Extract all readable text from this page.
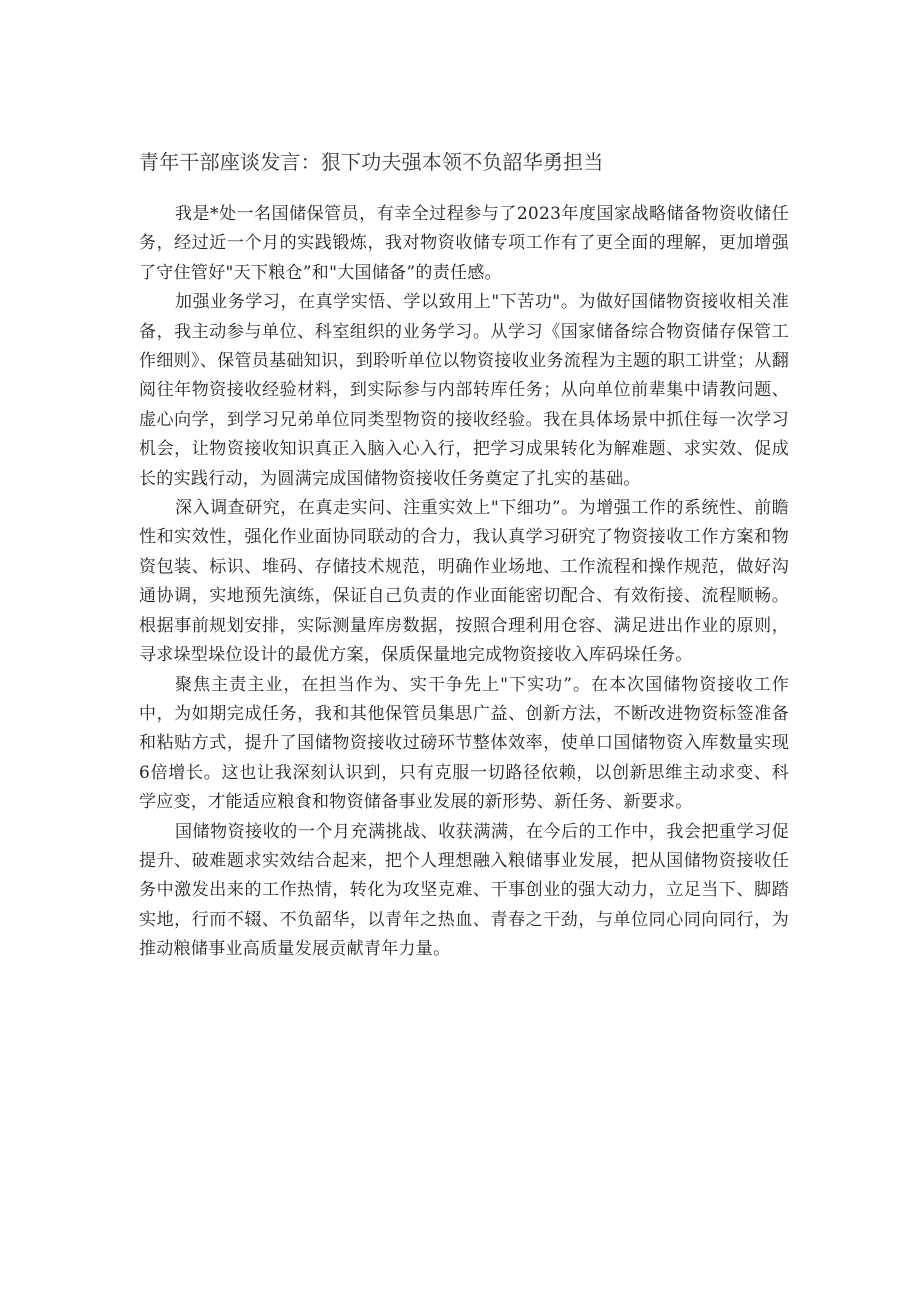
青年干部座谈发言：狠下功夫强本领不负韶华勇担当

我是*处一名国储保管员，有幸全过程参与了2023年度国家战略储备物资收储任务，经过近一个月的实践锻炼，我对物资收储专项工作有了更全面的理解，更加增强了守住管好"天下粮仓”和"大国储备”的责任感。

加强业务学习，在真学实悟、学以致用上"下苦功"。为做好国储物资接收相关准备，我主动参与单位、科室组织的业务学习。从学习《国家储备综合物资储存保管工作细则》、保管员基础知识，到聆听单位以物资接收业务流程为主题的职工讲堂；从翻阅往年物资接收经验材料，到实际参与内部转库任务；从向单位前辈集中请教问题、虚心向学，到学习兄弟单位同类型物资的接收经验。我在具体场景中抓住每一次学习机会，让物资接收知识真正入脑入心入行，把学习成果转化为解难题、求实效、促成长的实践行动，为圆满完成国储物资接收任务奠定了扎实的基础。

深入调查研究，在真走实问、注重实效上"下细功”。为增强工作的系统性、前瞻性和实效性，强化作业面协同联动的合力，我认真学习研究了物资接收工作方案和物资包装、标识、堆码、存储技术规范，明确作业场地、工作流程和操作规范，做好沟通协调，实地预先演练，保证自己负责的作业面能密切配合、有效衔接、流程顺畅。根据事前规划安排，实际测量库房数据，按照合理利用仓容、满足进出作业的原则，寻求垛型垛位设计的最优方案，保质保量地完成物资接收入库码垛任务。

聚焦主责主业，在担当作为、实干争先上"下实功”。在本次国储物资接收工作中，为如期完成任务，我和其他保管员集思广益、创新方法，不断改进物资标签准备和粘贴方式，提升了国储物资接收过磅环节整体效率，使单口国储物资入库数量实现6倍增长。这也让我深刻认识到，只有克服一切路径依赖，以创新思维主动求变、科学应变，才能适应粮食和物资储备事业发展的新形势、新任务、新要求。

国储物资接收的一个月充满挑战、收获满满，在今后的工作中，我会把重学习促提升、破难题求实效结合起来，把个人理想融入粮储事业发展，把从国储物资接收任务中激发出来的工作热情，转化为攻坚克难、干事创业的强大动力，立足当下、脚踏实地，行而不辍、不负韶华，以青年之热血、青春之干劲，与单位同心同向同行，为推动粮储事业高质量发展贡献青年力量。
